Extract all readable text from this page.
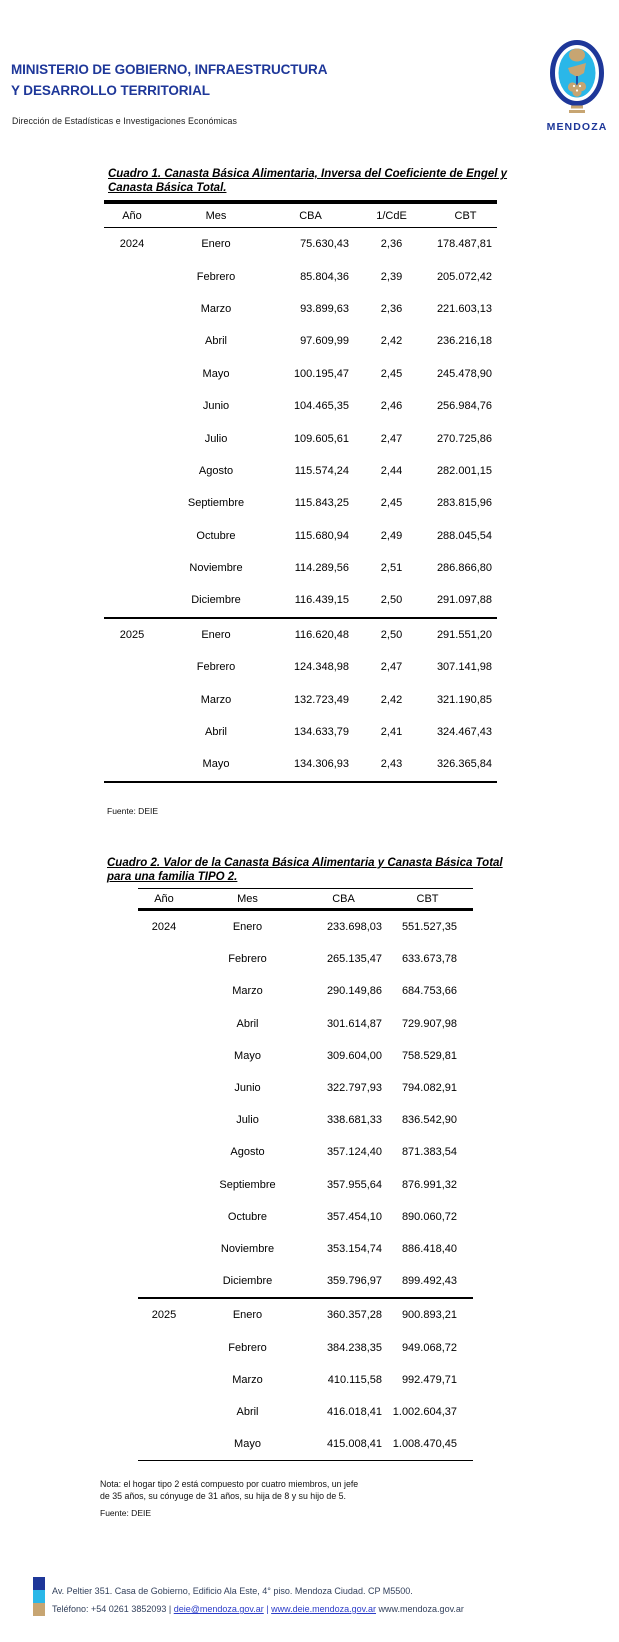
MINISTERIO DE GOBIERNO, INFRAESTRUCTURA
Y DESARROLLO TERRITORIAL
Dirección de Estadísticas e Investigaciones Económicas	MENDOZA
Cuadro 1. Canasta Básica Alimentaria, Inversa del Coeficiente de Engel y
Canasta Básica Total.
Año	Mes	CBA	1/CdE	CBT
2024	Enero	75.630,43	2,36	178.487,81
Febrero	85.804,36	2,39	205.072,42
Marzo	93.899,63	2,36	221.603,13
Abril	97.609,99	2,42	236.216,18
Mayo	100.195,47	2,45	245.478,90
Junio	104.465,35	2,46	256.984,76
Julio	109.605,61	2,47	270.725,86
Agosto	115.574,24	2,44	282.001,15
Septiembre	115.843,25	2,45	283.815,96
Octubre	115.680,94	2,49	288.045,54
Noviembre	114.289,56	2,51	286.866,80
Diciembre	116.439,15	2,50	291.097,88
2025	Enero	116.620,48	2,50	291.551,20
Febrero	124.348,98	2,47	307.141,98
Marzo	132.723,49	2,42	321.190,85
Abril	134.633,79	2,41	324.467,43
Mayo	134.306,93	2,43	326.365,84
Fuente: DEIE
Cuadro 2. Valor de la Canasta Básica Alimentaria y Canasta Básica Total
para una familia TIPO 2.
Año	Mes	CBA	CBT
2024	Enero	233.698,03	551.527,35
Febrero	265.135,47	633.673,78
Marzo	290.149,86	684.753,66
Abril	301.614,87	729.907,98
Mayo	309.604,00	758.529,81
Junio	322.797,93	794.082,91
Julio	338.681,33	836.542,90
Agosto	357.124,40	871.383,54
Septiembre	357.955,64	876.991,32
Octubre	357.454,10	890.060,72
Noviembre	353.154,74	886.418,40
Diciembre	359.796,97	899.492,43
2025	Enero	360.357,28	900.893,21
Febrero	384.238,35	949.068,72
Marzo	410.115,58	992.479,71
Abril	416.018,41 1.002.604,37
Mayo	415.008,41 1.008.470,45
Nota: el hogar tipo 2 está compuesto por cuatro miembros, un jefe
de 35 años, su cónyuge de 31 años, su hija de 8 y su hijo de 5.
Fuente: DEIE
Av. Peltier 351. Casa de Gobierno, Edificio Ala Este, 4° piso. Mendoza Ciudad. CP M5500.
Teléfono: +54 0261 3852093 | deie@mendoza.gov.ar | www.deie.mendoza.gov.ar www.mendoza.gov.ar
